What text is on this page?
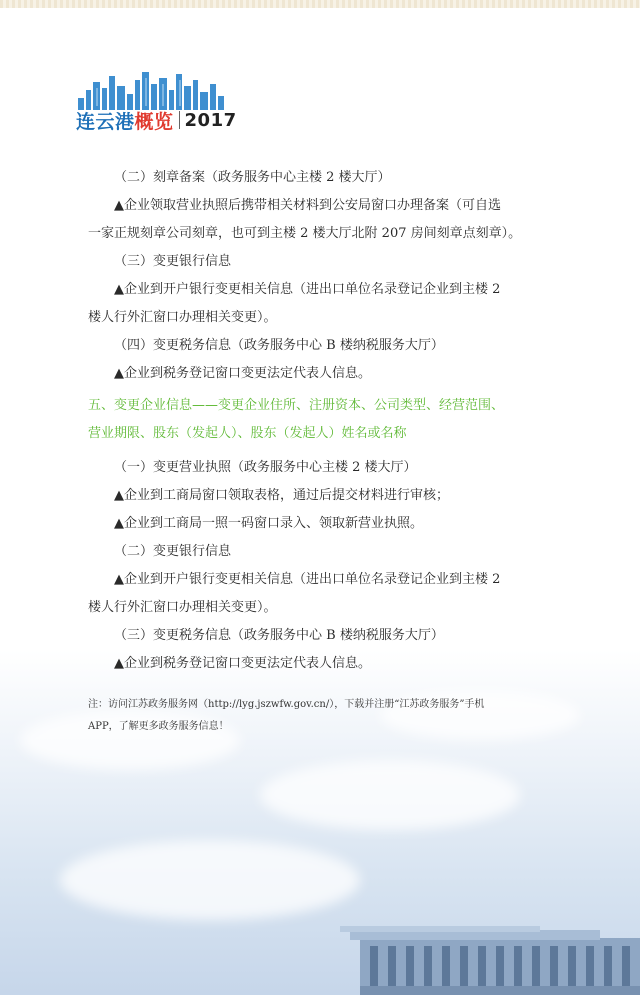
连云港 概览 2017
（二）刻章备案（政务服务中心主楼 2 楼大厅）
▲企业领取营业执照后携带相关材料到公安局窗口办理备案（可自选
一家正规刻章公司刻章，也可到主楼 2 楼大厅北附 207 房间刻章点刻章）。
（三）变更银行信息
▲企业到开户银行变更相关信息（进出口单位名录登记企业到主楼 2
楼人行外汇窗口办理相关变更）。
（四）变更税务信息（政务服务中心 B 楼纳税服务大厅）
▲企业到税务登记窗口变更法定代表人信息。
五、变更企业信息——变更企业住所、注册资本、公司类型、经营范围、
营业期限、股东（发起人）、股东（发起人）姓名或名称
（一）变更营业执照（政务服务中心主楼 2 楼大厅）
▲企业到工商局窗口领取表格，通过后提交材料进行审核；
▲企业到工商局一照一码窗口录入、领取新营业执照。
（二）变更银行信息
▲企业到开户银行变更相关信息（进出口单位名录登记企业到主楼 2
楼人行外汇窗口办理相关变更）。
（三）变更税务信息（政务服务中心 B 楼纳税服务大厅）
▲企业到税务登记窗口变更法定代表人信息。
注：访问江苏政务服务网（http://lyg.jszwfw.gov.cn/），下载并注册“江苏政务服务”手机
APP，了解更多政务服务信息！
